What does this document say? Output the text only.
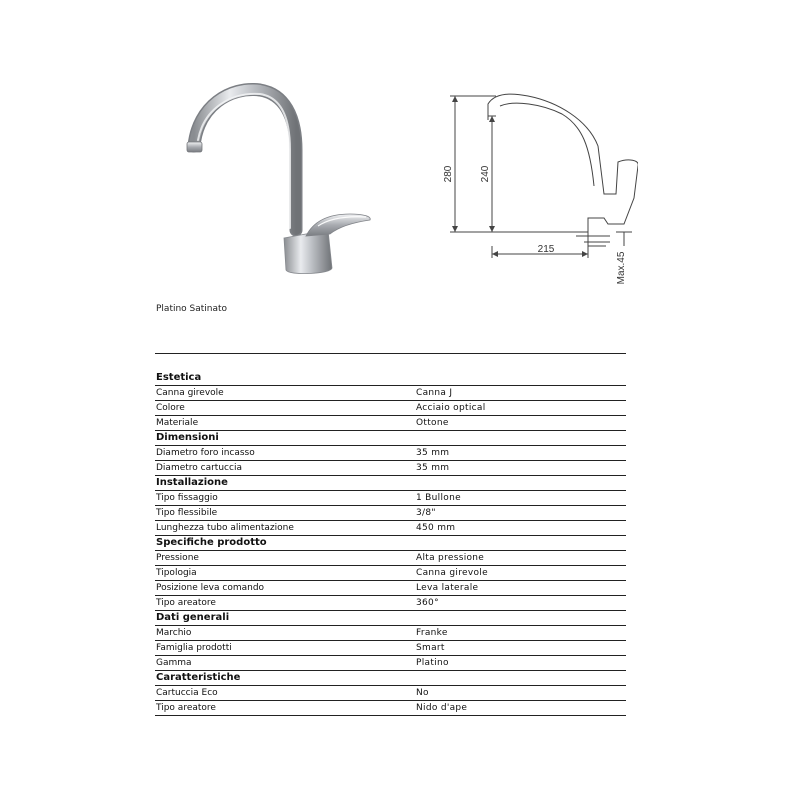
280	240
215
Max.45
Platino Satinato
Estetica
Canna girevole	Canna J
Colore	Acciaio optical
Materiale	Ottone
Dimensioni
Diametro foro incasso	35 mm
Diametro cartuccia	35 mm
Installazione
Tipo fissaggio	1 Bullone
Tipo flessibile	3/8"
Lunghezza tubo alimentazione	450 mm
Specifiche prodotto
Pressione	Alta pressione
Tipologia	Canna girevole
Posizione leva comando	Leva laterale
Tipo areatore	360°
Dati generali
Marchio	Franke
Famiglia prodotti	Smart
Gamma	Platino
Caratteristiche
Cartuccia Eco	No
Tipo areatore	Nido d'ape
